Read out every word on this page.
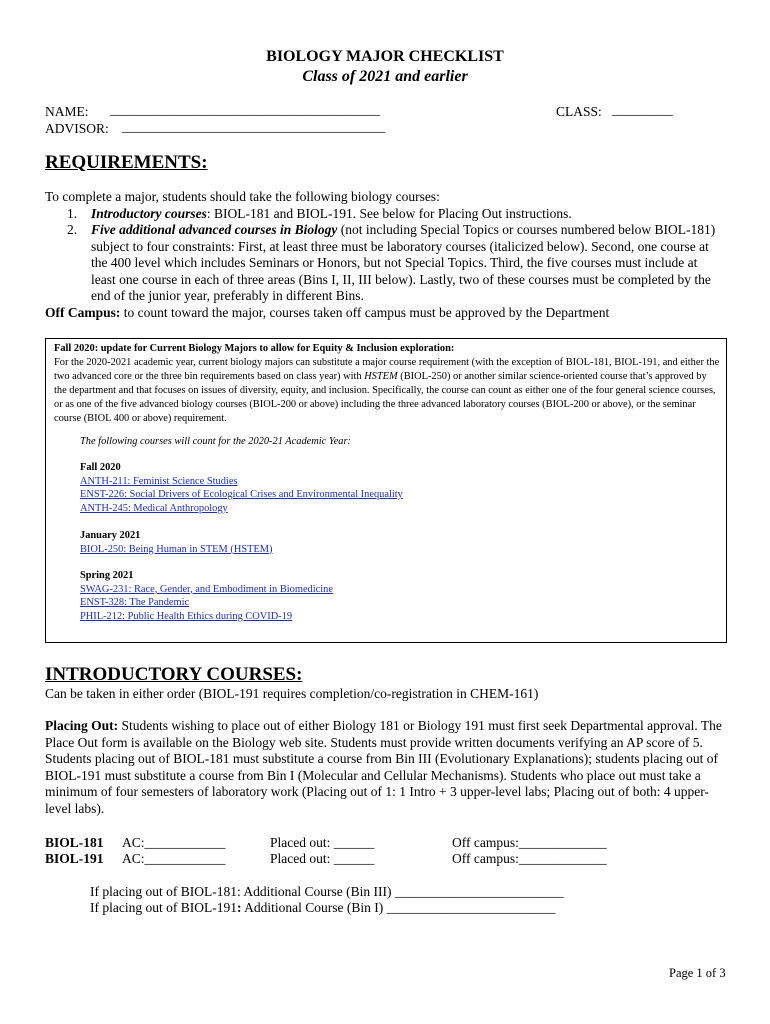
BIOLOGY MAJOR CHECKLIST
Class of 2021 and earlier
NAME: ________________________________________	CLASS: _________
ADVISOR: _______________________________________
REQUIREMENTS:
To complete a major, students should take the following biology courses:
1. Introductory courses: BIOL-181 and BIOL-191. See below for Placing Out instructions.
2. Five additional advanced courses in Biology (not including Special Topics or courses numbered below BIOL-181) subject to four constraints: First, at least three must be laboratory courses (italicized below). Second, one course at the 400 level which includes Seminars or Honors, but not Special Topics. Third, the five courses must include at least one course in each of three areas (Bins I, II, III below). Lastly, two of these courses must be completed by the end of the junior year, preferably in different Bins.
Off Campus: to count toward the major, courses taken off campus must be approved by the Department
Fall 2020: update for Current Biology Majors to allow for Equity & Inclusion exploration:
For the 2020-2021 academic year, current biology majors can substitute a major course requirement (with the exception of BIOL-181, BIOL-191, and either the two advanced core or the three bin requirements based on class year) with HSTEM (BIOL-250) or another similar science-oriented course that’s approved by the department and that focuses on issues of diversity, equity, and inclusion. Specifically, the course can count as either one of the four general science courses, or as one of the five advanced biology courses (BIOL-200 or above) including the three advanced laboratory courses (BIOL-200 or above), or the seminar course (BIOL 400 or above) requirement.
The following courses will count for the 2020-21 Academic Year:
Fall 2020
ANTH-211: Feminist Science Studies
ENST-226: Social Drivers of Ecological Crises and Environmental Inequality
ANTH-245: Medical Anthropology
January 2021
BIOL-250: Being Human in STEM (HSTEM)
Spring 2021
SWAG-231: Race, Gender, and Embodiment in Biomedicine
ENST-328: The Pandemic
PHIL-212: Public Health Ethics during COVID-19
INTRODUCTORY COURSES:
Can be taken in either order (BIOL-191 requires completion/co-registration in CHEM-161)
Placing Out: Students wishing to place out of either Biology 181 or Biology 191 must first seek Departmental approval. The Place Out form is available on the Biology web site. Students must provide written documents verifying an AP score of 5. Students placing out of BIOL-181 must substitute a course from Bin III (Evolutionary Explanations); students placing out of BIOL-191 must substitute a course from Bin I (Molecular and Cellular Mechanisms). Students who place out must take a minimum of four semesters of laboratory work (Placing out of 1: 1 Intro + 3 upper-level labs; Placing out of both: 4 upper-level labs).
BIOL-181 AC:____________	Placed out: ______	Off campus:_____________
BIOL-191 AC:____________	Placed out: ______	Off campus:_____________
If placing out of BIOL-181: Additional Course (Bin III) _________________________
If placing out of BIOL-191: Additional Course (Bin I) _________________________
Page 1 of 3
